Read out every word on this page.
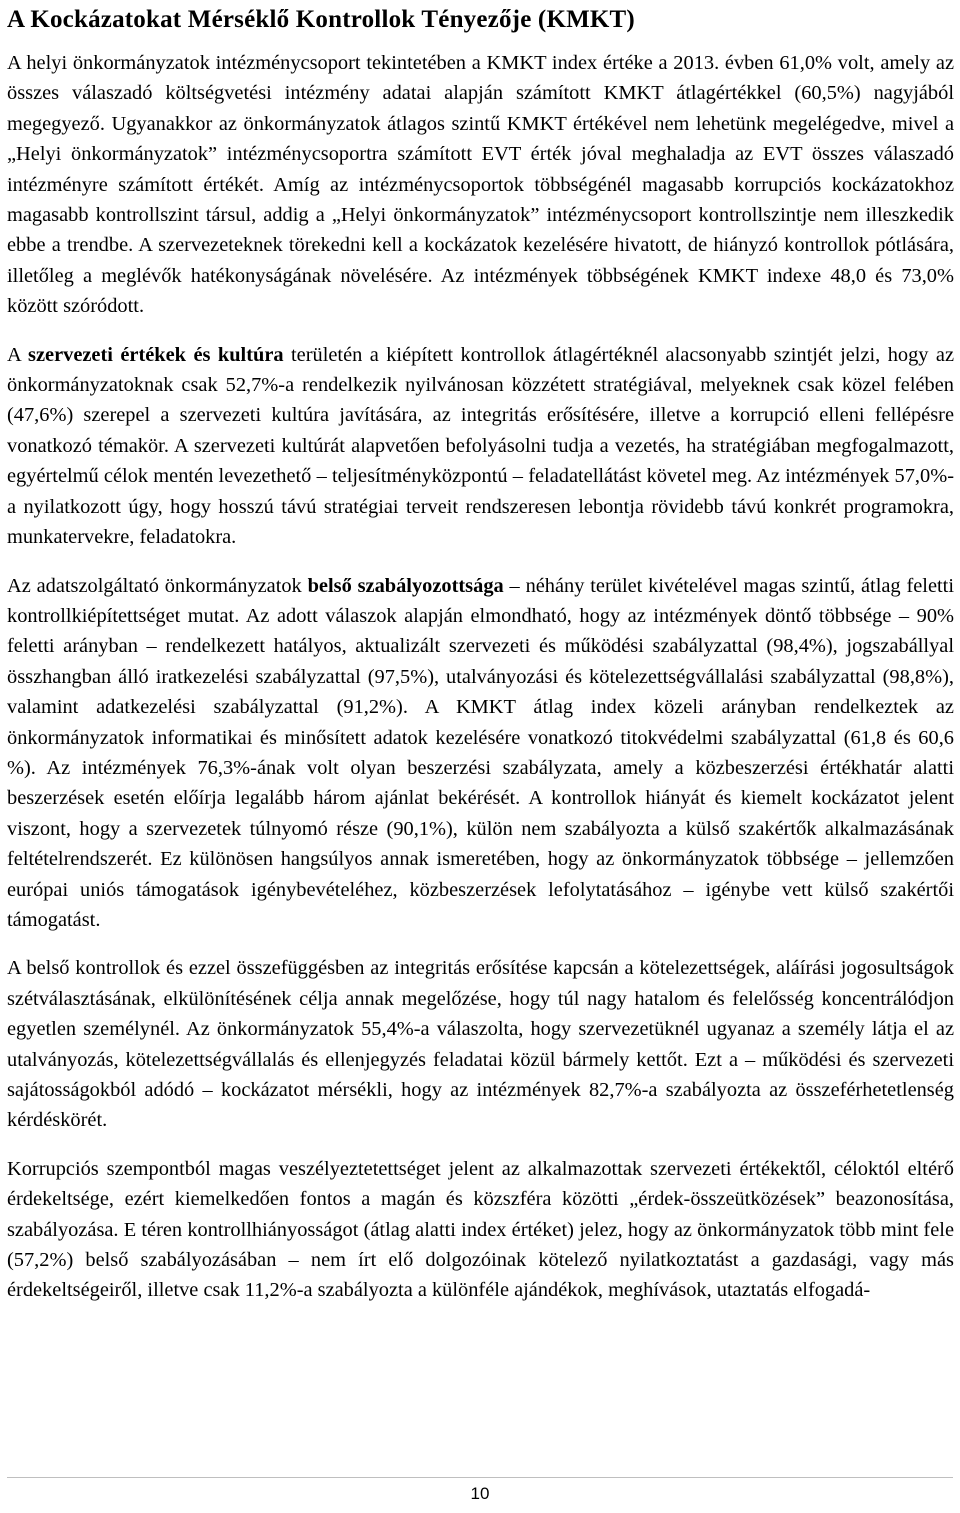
A Kockázatokat Mérséklő Kontrollok Tényezője (KMKT)

A helyi önkormányzatok intézménycsoport tekintetében a KMKT index értéke a 2013. évben 61,0% volt, amely az összes válaszadó költségvetési intézmény adatai alapján számított KMKT átlagértékkel (60,5%) nagyjából megegyező. Ugyanakkor az önkormányzatok átlagos szintű KMKT értékével nem lehetünk megelégedve, mivel a „Helyi önkormányzatok” intézménycsoportra számított EVT érték jóval meghaladja az EVT összes válaszadó intézményre számított értékét. Amíg az intézménycsoportok többségénél magasabb korrupciós kockázatokhoz magasabb kontrollszint társul, addig a „Helyi önkormányzatok” intézménycsoport kontrollszintje nem illeszkedik ebbe a trendbe. A szervezeteknek törekedni kell a kockázatok kezelésére hivatott, de hiányzó kontrollok pótlására, illetőleg a meglévők hatékonyságának növelésére. Az intézmények többségének KMKT indexe 48,0 és 73,0% között szóródott.

A szervezeti értékek és kultúra területén a kiépített kontrollok átlagértéknél alacsonyabb szintjét jelzi, hogy az önkormányzatoknak csak 52,7%-a rendelkezik nyilvánosan közzétett stratégiával, melyeknek csak közel felében (47,6%) szerepel a szervezeti kultúra javítására, az integritás erősítésére, illetve a korrupció elleni fellépésre vonatkozó témakör. A szervezeti kultúrát alapvetően befolyásolni tudja a vezetés, ha stratégiában megfogalmazott, egyértelmű célok mentén levezethető – teljesítményközpontú – feladatellátást követel meg. Az intézmények 57,0%-a nyilatkozott úgy, hogy hosszú távú stratégiai terveit rendszeresen lebontja rövidebb távú konkrét programokra, munkatervekre, feladatokra.

Az adatszolgáltató önkormányzatok belső szabályozottsága – néhány terület kivételével magas szintű, átlag feletti kontrollkiépítettséget mutat. Az adott válaszok alapján elmondható, hogy az intézmények döntő többsége – 90% feletti arányban – rendelkezett hatályos, aktualizált szervezeti és működési szabályzattal (98,4%), jogszabállyal összhangban álló iratkezelési szabályzattal (97,5%), utalványozási és kötelezettségvállalási szabályzattal (98,8%), valamint adatkezelési szabályzattal (91,2%). A KMKT átlag index közeli arányban rendelkeztek az önkormányzatok informatikai és minősített adatok kezelésére vonatkozó titokvédelmi szabályzattal (61,8 és 60,6 %). Az intézmények 76,3%-ának volt olyan beszerzési szabályzata, amely a közbeszerzési értékhatár alatti beszerzések esetén előírja legalább három ajánlat bekérését. A kontrollok hiányát és kiemelt kockázatot jelent viszont, hogy a szervezetek túlnyomó része (90,1%), külön nem szabályozta a külső szakértők alkalmazásának feltételrendszerét. Ez különösen hangsúlyos annak ismeretében, hogy az önkormányzatok többsége – jellemzően európai uniós támogatások igénybevételéhez, közbeszerzések lefolytatásához – igénybe vett külső szakértői támogatást.

A belső kontrollok és ezzel összefüggésben az integritás erősítése kapcsán a kötelezettségek, aláírási jogosultságok szétválasztásának, elkülönítésének célja annak megelőzése, hogy túl nagy hatalom és felelősség koncentrálódjon egyetlen személynél. Az önkormányzatok 55,4%-a válaszolta, hogy szervezetüknél ugyanaz a személy látja el az utalványozás, kötelezettségvállalás és ellenjegyzés feladatai közül bármely kettőt. Ezt a – működési és szervezeti sajátosságokból adódó – kockázatot mérsékli, hogy az intézmények 82,7%-a szabályozta az összeférhetetlenség kérdéskörét.

Korrupciós szempontból magas veszélyeztetettséget jelent az alkalmazottak szervezeti értékektől, céloktól eltérő érdekeltsége, ezért kiemelkedően fontos a magán és közszféra közötti „érdek-összeütközések” beazonosítása, szabályozása. E téren kontrollhiányosságot (átlag alatti index értéket) jelez, hogy az önkormányzatok több mint fele (57,2%) belső szabályozásában – nem írt elő dolgozóinak kötelező nyilatkoztatást a gazdasági, vagy más érdekeltségeiről, illetve csak 11,2%-a szabályozta a különféle ajándékok, meghívások, utaztatás elfogadá-

10
